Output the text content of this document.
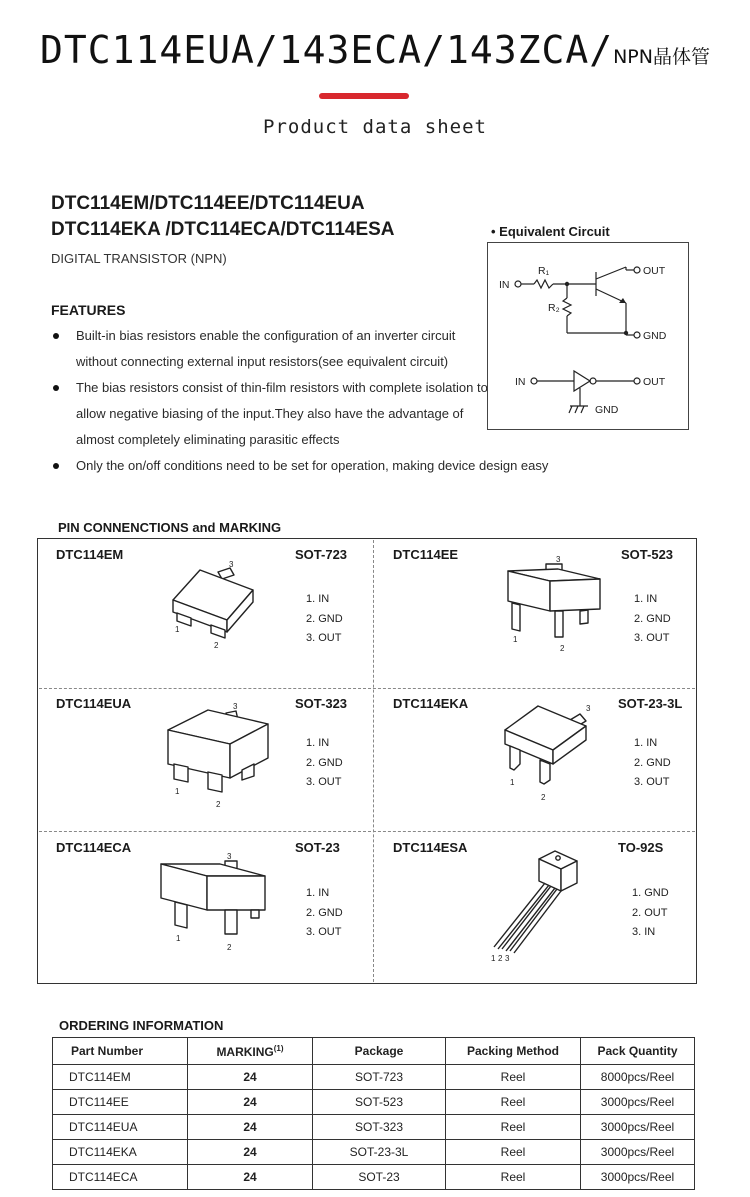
DTC114EUA/143ECA/143ZCA/NPN晶体管
Product data sheet
DTC114EM/DTC114EE/DTC114EUA
DTC114EKA /DTC114ECA/DTC114ESA
DIGITAL TRANSISTOR (NPN)
FEATURES
Built-in bias resistors enable the configuration of an inverter circuit without connecting external input resistors(see equivalent circuit)
The bias resistors consist of thin-film resistors with complete isolation to allow negative biasing of the input.They also have the advantage of almost completely eliminating parasitic effects
Only the on/off conditions need to be set for operation, making device design easy
• Equivalent Circuit
IN
R₁
R₂
OUT
GND
IN	OUT
GND
PIN CONNENCTIONS and MARKING
DTC114EM	SOT-723
1. IN
2. GND
3. OUT
3
1
2
DTC114EE	SOT-523
1. IN
2. GND
3. OUT
3
1
2
DTC114EUA	SOT-323
1. IN
2. GND
3. OUT
3
1
2
DTC114EKA	SOT-23-3L
1. IN
2. GND
3. OUT
3
1
2
DTC114ECA	SOT-23
1. IN
2. GND
3. OUT
3
1
2
DTC114ESA	TO-92S
1. GND
2. OUT
3. IN
1 2 3
ORDERING INFORMATION
Part Number	MARKING$^{(1)}$	Package	Packing Method	Pack Quantity
DTC114EM	24	SOT-723	Reel	8000pcs/Reel
DTC114EE	24	SOT-523	Reel	3000pcs/Reel
DTC114EUA	24	SOT-323	Reel	3000pcs/Reel
DTC114EKA	24	SOT-23-3L	Reel	3000pcs/Reel
DTC114ECA	24	SOT-23	Reel	3000pcs/Reel
